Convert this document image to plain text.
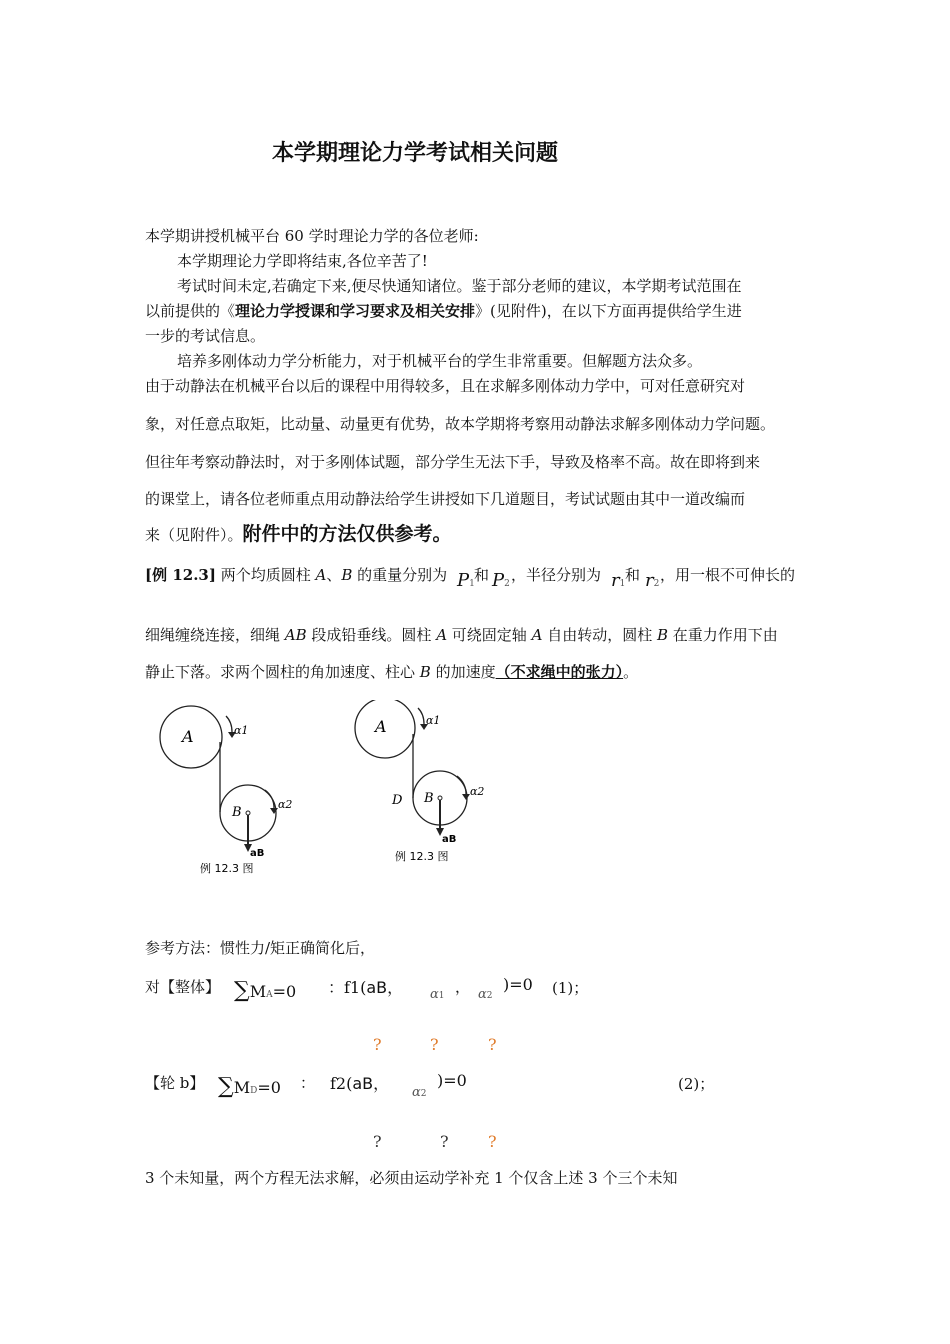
本学期理论力学考试相关问题
本学期讲授机械平台 60 学时理论力学的各位老师:
本学期理论力学即将结束,各位辛苦了!
考试时间未定,若确定下来,便尽快通知诸位。鉴于部分老师的建议，本学期考试范围在
以前提供的《理论力学授课和学习要求及相关安排》(见附件)，在以下方面再提供给学生进
一步的考试信息。
培养多刚体动力学分析能力，对于机械平台的学生非常重要。但解题方法众多。
由于动静法在机械平台以后的课程中用得较多，且在求解多刚体动力学中，可对任意研究对
象，对任意点取矩，比动量、动量更有优势，故本学期将考察用动静法求解多刚体动力学问题。
但往年考察动静法时，对于多刚体试题，部分学生无法下手，导致及格率不高。故在即将到来
的课堂上，请各位老师重点用动静法给学生讲授如下几道题目，考试试题由其中一道改编而
来（见附件）。附件中的方法仅供参考。
[例 12.3] 两个均质圆柱 A、B 的重量分别为 P1 和 P2 ，半径分别为 r1 和 r2 ，用一根不可伸长的
细绳缠绕连接，细绳 AB 段成铅垂线。圆柱 A 可绕固定轴 A 自由转动，圆柱 B 在重力作用下由
静止下落。求两个圆柱的角加速度、柱心 B 的加速度（不求绳中的张力）。
A	α1
B
α2
aB
例 12.3 图
A	α1
D B	α2
aB
例 12.3 图
参考方法：惯性力/矩正确简化后，
对【整体】 ∑MA=0 ：f1(aB， α1 ， α2
)=0 (1)；
?	?	?
【轮 b】 ∑MD=0 ： f2(aB， α2
)=0	(2)；
?	? ?
3 个未知量，两个方程无法求解，必须由运动学补充 1 个仅含上述 3 个三个未知
